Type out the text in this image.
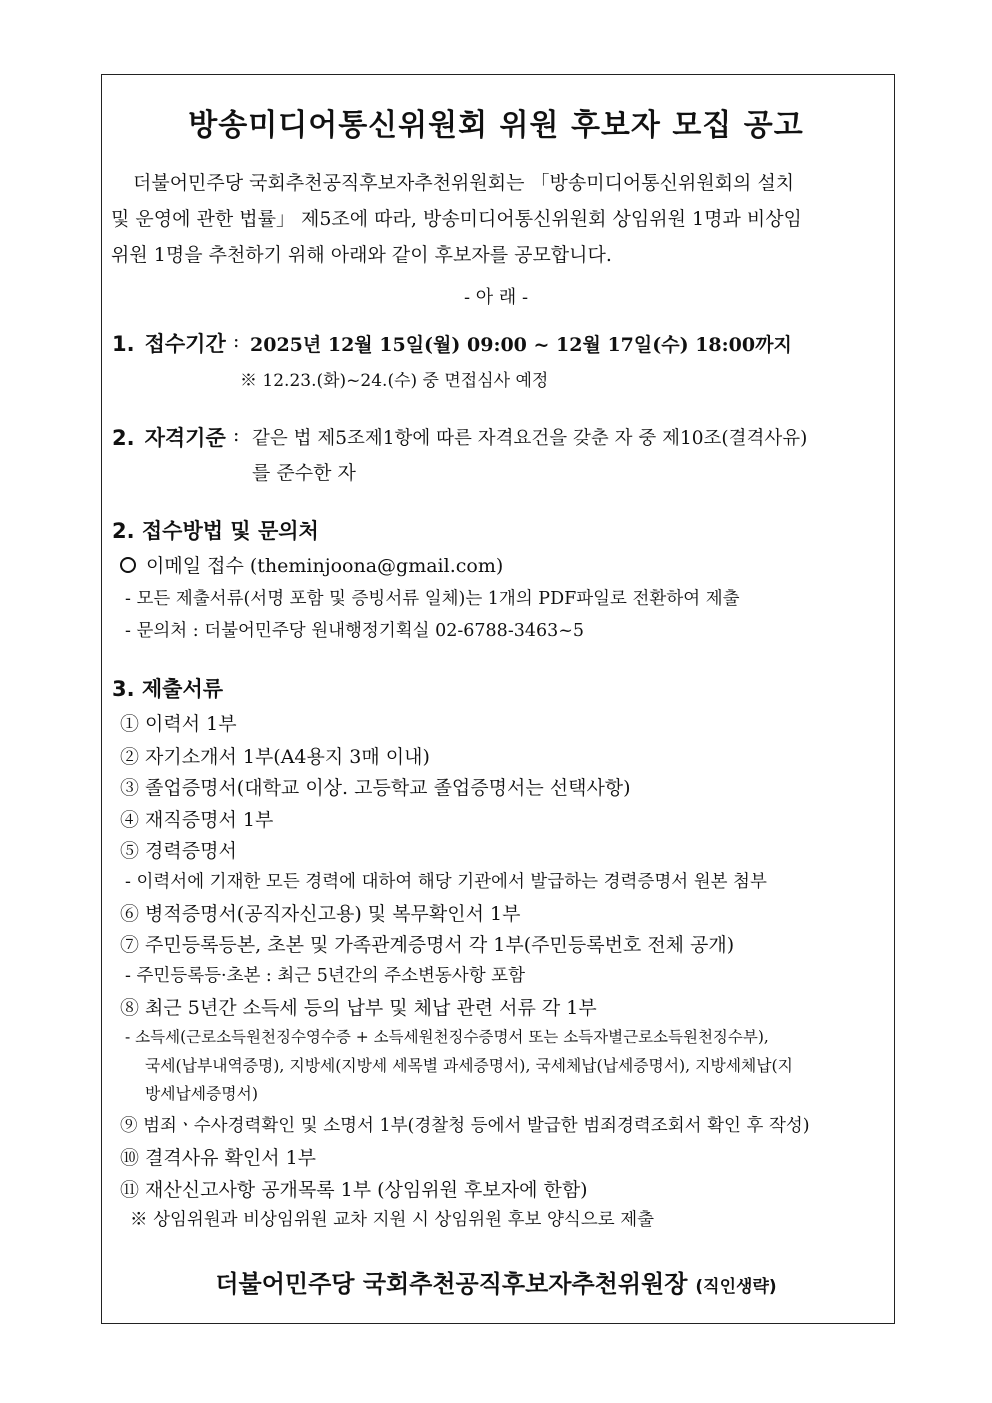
방송미디어통신위원회 위원 후보자 모집 공고
더불어민주당 국회추천공직후보자추천위원회는 「방송미디어통신위원회의 설치
및 운영에 관한 법률」 제5조에 따라, 방송미디어통신위원회 상임위원 1명과 비상임
위원 1명을 추천하기 위해 아래와 같이 후보자를 공모합니다.
- 아 래 -
1. 접수기간 : 2025년 12월 15일(월) 09:00 ~ 12월 17일(수) 18:00까지
※ 12.23.(화)~24.(수) 중 면접심사 예정
2. 자격기준 : 같은 법 제5조제1항에 따른 자격요건을 갖춘 자 중 제10조(결격사유)
를 준수한 자
2. 접수방법 및 문의처
이메일 접수 (theminjoona@gmail.com)
- 모든 제출서류(서명 포함 및 증빙서류 일체)는 1개의 PDF파일로 전환하여 제출
- 문의처 : 더불어민주당 원내행정기획실 02-6788-3463~5
3. 제출서류
① 이력서 1부
② 자기소개서 1부(A4용지 3매 이내)
③ 졸업증명서(대학교 이상. 고등학교 졸업증명서는 선택사항)
④ 재직증명서 1부
⑤ 경력증명서
- 이력서에 기재한 모든 경력에 대하여 해당 기관에서 발급하는 경력증명서 원본 첨부
⑥ 병적증명서(공직자신고용) 및 복무확인서 1부
⑦ 주민등록등본, 초본 및 가족관계증명서 각 1부(주민등록번호 전체 공개)
- 주민등록등·초본 : 최근 5년간의 주소변동사항 포함
⑧ 최근 5년간 소득세 등의 납부 및 체납 관련 서류 각 1부
- 소득세(근로소득원천징수영수증 + 소득세원천징수증명서 또는 소득자별근로소득원천징수부),
국세(납부내역증명), 지방세(지방세 세목별 과세증명서), 국세체납(납세증명서), 지방세체납(지
방세납세증명서)
⑨ 범죄ㆍ수사경력확인 및 소명서 1부(경찰청 등에서 발급한 범죄경력조회서 확인 후 작성)
⑩ 결격사유 확인서 1부
⑪ 재산신고사항 공개목록 1부 (상임위원 후보자에 한함)
※ 상임위원과 비상임위원 교차 지원 시 상임위원 후보 양식으로 제출
더불어민주당 국회추천공직후보자추천위원장 (직인생략)
